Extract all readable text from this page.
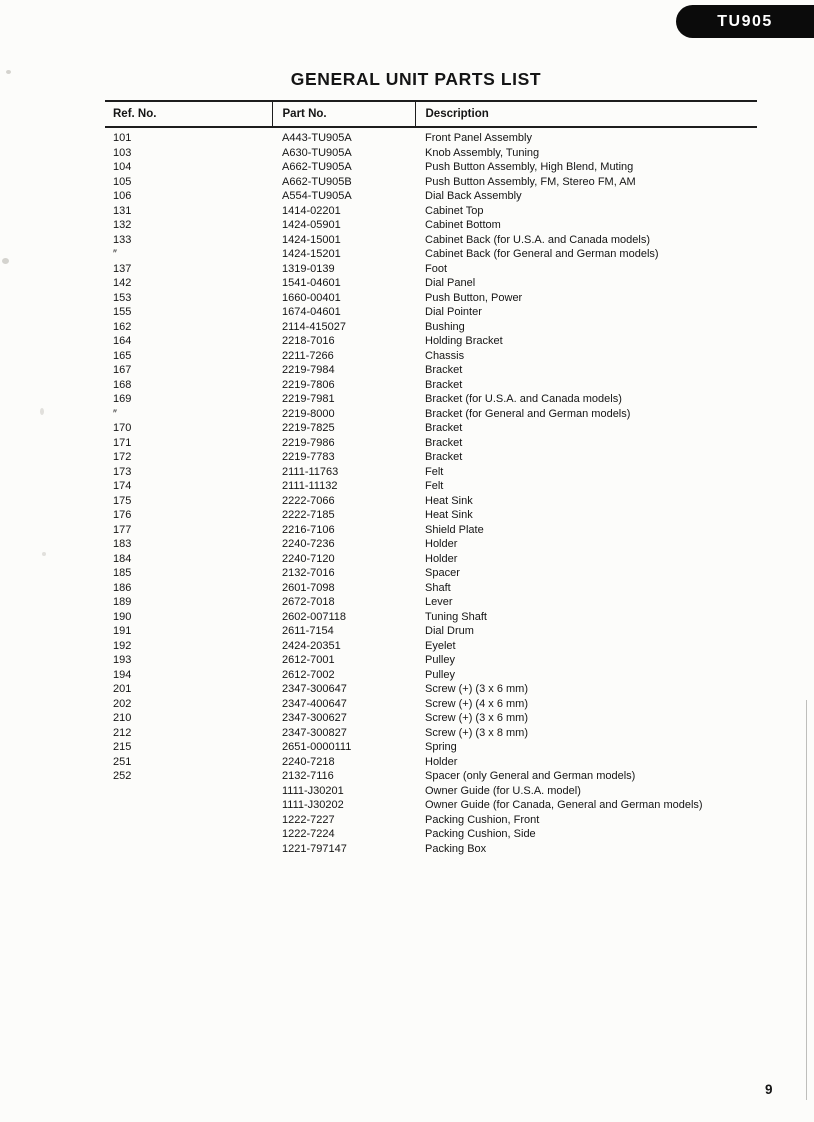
TU905
GENERAL UNIT PARTS LIST
Ref. No.	Part No.	Description
101	A443-TU905A	Front Panel Assembly
103	A630-TU905A	Knob Assembly, Tuning
104	A662-TU905A	Push Button Assembly, High Blend, Muting
105	A662-TU905B	Push Button Assembly, FM, Stereo FM, AM
106	A554-TU905A	Dial Back Assembly
131	1414-02201	Cabinet Top
132	1424-05901	Cabinet Bottom
133	1424-15001	Cabinet Back (for U.S.A. and Canada models)
″	1424-15201	Cabinet Back (for General and German models)
137	1319-0139	Foot
142	1541-04601	Dial Panel
153	1660-00401	Push Button, Power
155	1674-04601	Dial Pointer
162	2114-415027	Bushing
164	2218-7016	Holding Bracket
165	2211-7266	Chassis
167	2219-7984	Bracket
168	2219-7806	Bracket
169	2219-7981	Bracket (for U.S.A. and Canada models)
″	2219-8000	Bracket (for General and German models)
170	2219-7825	Bracket
171	2219-7986	Bracket
172	2219-7783	Bracket
173	2111-11763	Felt
174	2111-11132	Felt
175	2222-7066	Heat Sink
176	2222-7185	Heat Sink
177	2216-7106	Shield Plate
183	2240-7236	Holder
184	2240-7120	Holder
185	2132-7016	Spacer
186	2601-7098	Shaft
189	2672-7018	Lever
190	2602-007118	Tuning Shaft
191	2611-7154	Dial Drum
192	2424-20351	Eyelet
193	2612-7001	Pulley
194	2612-7002	Pulley
201	2347-300647	Screw (+) (3 x 6 mm)
202	2347-400647	Screw (+) (4 x 6 mm)
210	2347-300627	Screw (+) (3 x 6 mm)
212	2347-300827	Screw (+) (3 x 8 mm)
215	2651-0000111	Spring
251	2240-7218	Holder
252	2132-7116	Spacer (only General and German models)
	1111-J30201	Owner Guide (for U.S.A. model)
	1111-J30202	Owner Guide (for Canada, General and German models)
	1222-7227	Packing Cushion, Front
	1222-7224	Packing Cushion, Side
	1221-797147	Packing Box
9
